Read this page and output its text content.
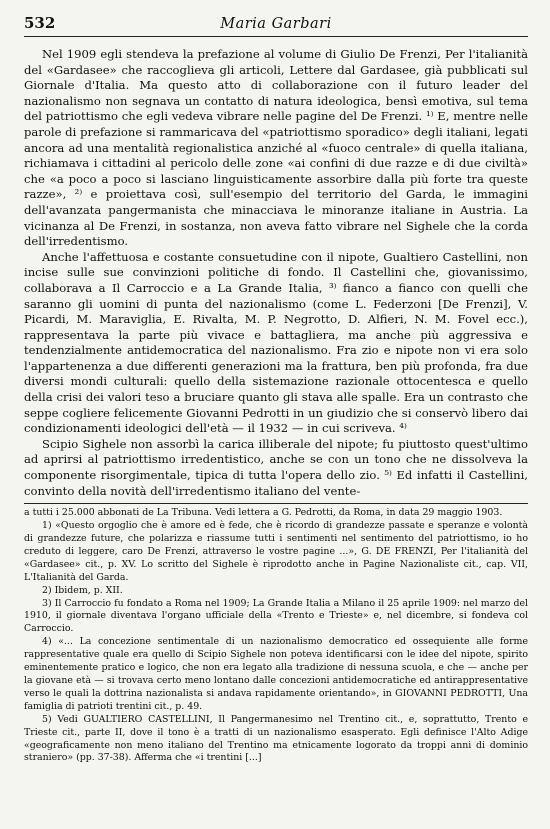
532	Maria Garbari

Nel 1909 egli stendeva la prefazione al volume di Giulio De Frenzi, Per l'italianità del «Gardasee» che raccoglieva gli articoli, Lettere dal Gardasee, già pubblicati sul Giornale d'Italia. Ma questo atto di collaborazione con il futuro leader del nazionalismo non segnava un contatto di natura ideologica, bensì emotiva, sul tema del patriottismo che egli vedeva vibrare nelle pagine del De Frenzi. ¹⁾ E, mentre nelle parole di prefazione si rammaricava del «patriottismo sporadico» degli italiani, legati ancora ad una mentalità regionalistica anziché al «fuoco centrale» di quella italiana, richiamava i cittadini al pericolo delle zone «ai confini di due razze e di due civiltà» che «a poco a poco si lasciano linguisticamente assorbire dalla più forte tra queste razze», ²⁾ e proiettava così, sull'esempio del territorio del Garda, le immagini dell'avanzata pangermanista che minacciava le minoranze italiane in Austria. La vicinanza al De Frenzi, in sostanza, non aveva fatto vibrare nel Sighele che la corda dell'irredentismo.

Anche l'affettuosa e costante consuetudine con il nipote, Gualtiero Castellini, non incise sulle sue convinzioni politiche di fondo. Il Castellini che, giovanissimo, collaborava a Il Carroccio e a La Grande Italia, ³⁾ fianco a fianco con quelli che saranno gli uomini di punta del nazionalismo (come L. Federzoni [De Frenzi], V. Picardi, M. Maraviglia, E. Rivalta, M. P. Negrotto, D. Alfieri, N. M. Fovel ecc.), rappresentava la parte più vivace e battagliera, ma anche più aggressiva e tendenzialmente antidemocratica del nazionalismo. Fra zio e nipote non vi era solo l'appartenenza a due differenti generazioni ma la frattura, ben più profonda, fra due diversi mondi culturali: quello della sistemazione razionale ottocentesca e quello della crisi dei valori teso a bruciare quanto gli stava alle spalle. Era un contrasto che seppe cogliere felicemente Giovanni Pedrotti in un giudizio che si conservò libero dai condizionamenti ideologici dell'età — il 1932 — in cui scriveva. ⁴⁾

Scipio Sighele non assorbì la carica illiberale del nipote; fu piuttosto quest'ultimo ad aprirsi al patriottismo irredentistico, anche se con un tono che ne dissolveva la componente risorgimentale, tipica di tutta l'opera dello zio. ⁵⁾ Ed infatti il Castellini, convinto della novità dell'irredentismo italiano del vente-

a tutti i 25.000 abbonati de La Tribuna. Vedi lettera a G. Pedrotti, da Roma, in data 29 maggio 1903.

1) «Questo orgoglio che è amore ed è fede, che è ricordo di grandezze passate e speranze e volontà di grandezze future, che polarizza e riassume tutti i sentimenti nel sentimento del patriottismo, io ho creduto di leggere, caro De Frenzi, attraverso le vostre pagine ...», G. DE FRENZI, Per l'italianità del «Gardasee» cit., p. XV. Lo scritto del Sighele è riprodotto anche in Pagine Nazionaliste cit., cap. VII, L'Italianità del Garda.

2) Ibidem, p. XII.

3) Il Carroccio fu fondato a Roma nel 1909; La Grande Italia a Milano il 25 aprile 1909: nel marzo del 1910, il giornale diventava l'organo ufficiale della «Trento e Trieste» e, nel dicembre, si fondeva col Carroccio.

4) «... La concezione sentimentale di un nazionalismo democratico ed ossequiente alle forme rappresentative quale era quello di Scipio Sighele non poteva identificarsi con le idee del nipote, spirito eminentemente pratico e logico, che non era legato alla tradizione di nessuna scuola, e che — anche per la giovane età — si trovava certo meno lontano dalle concezioni antidemocratiche ed antirappresentative verso le quali la dottrina nazionalista si andava rapidamente orientando», in GIOVANNI PEDROTTI, Una famiglia di patrioti trentini cit., p. 49.

5) Vedi GUALTIERO CASTELLINI, Il Pangermanesimo nel Trentino cit., e, soprattutto, Trento e Trieste cit., parte II, dove il tono è a tratti di un nazionalismo esasperato. Egli definisce l'Alto Adige «geograficamente non meno italiano del Trentino ma etnicamente logorato da troppi anni di dominio straniero» (pp. 37-38). Afferma che «i trentini [...]
